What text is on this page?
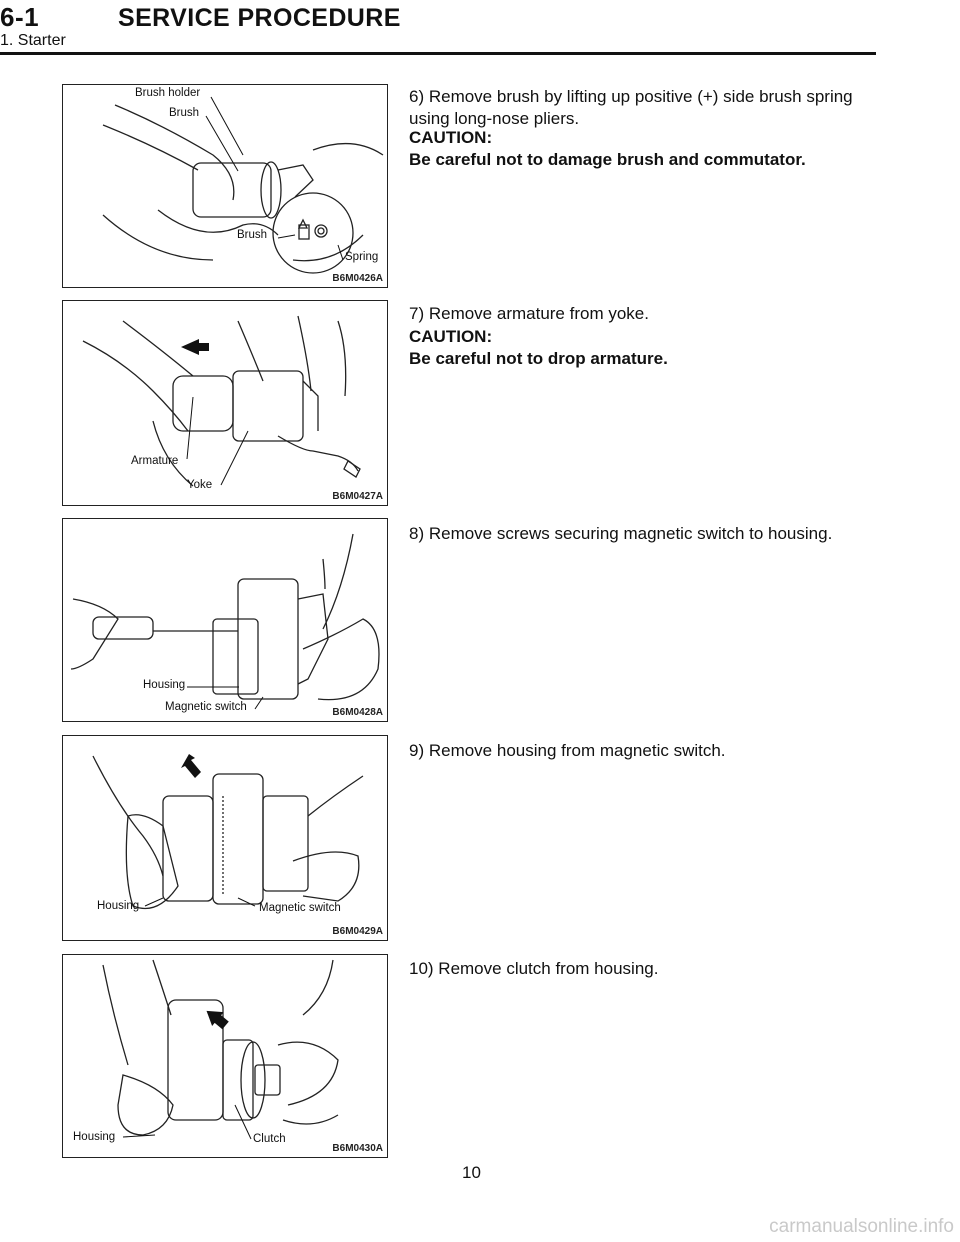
6-1	SERVICE PROCEDURE
1. Starter
Brush holder
Brush
Brush
Spring
B6M0426A
6) Remove brush by lifting up positive (+) side brush spring using long-nose pliers.
CAUTION:
Be careful not to damage brush and commutator.
Armature
Yoke
B6M0427A
7) Remove armature from yoke.
CAUTION:
Be careful not to drop armature.
Housing
Magnetic switch	B6M0428A
8) Remove screws securing magnetic switch to housing.
Housing	Magnetic switch
B6M0429A
9) Remove housing from magnetic switch.
Housing	Clutch
B6M0430A
10) Remove clutch from housing.
10
carmanualsonline.info
